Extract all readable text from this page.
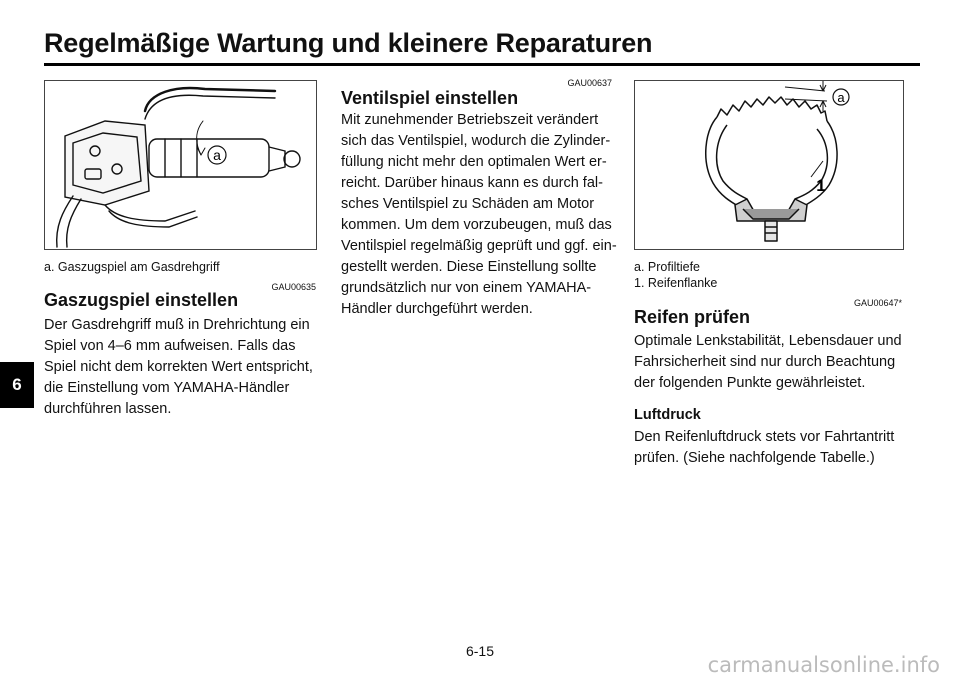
Regelmäßige Wartung und kleinere Reparaturen
6
a
a. Gaszugspiel am Gasdrehgriff
GAU00635
Gaszugspiel einstellen
Der Gasdrehgriff muß in Drehrichtung ein
Spiel von 4–6 mm aufweisen. Falls das
Spiel nicht dem korrekten Wert entspricht,
die Einstellung vom YAMAHA-Händler
durchführen lassen.
GAU00637
Ventilspiel einstellen
Mit zunehmender Betriebszeit verändert
sich das Ventilspiel, wodurch die Zylinder-
füllung nicht mehr den optimalen Wert er-
reicht. Darüber hinaus kann es durch fal-
sches Ventilspiel zu Schäden am Motor
kommen. Um dem vorzubeugen, muß das
Ventilspiel regelmäßig geprüft und ggf. ein-
gestellt werden. Diese Einstellung sollte
grundsätzlich nur von einem YAMAHA-
Händler durchgeführt werden.
a
1
a. Profiltiefe
1. Reifenflanke
GAU00647*
Reifen prüfen
Optimale Lenkstabilität, Lebensdauer und
Fahrsicherheit sind nur durch Beachtung
der folgenden Punkte gewährleistet.
Luftdruck
Den Reifenluftdruck stets vor Fahrtantritt
prüfen. (Siehe nachfolgende Tabelle.)
6-15
carmanualsonline.info
